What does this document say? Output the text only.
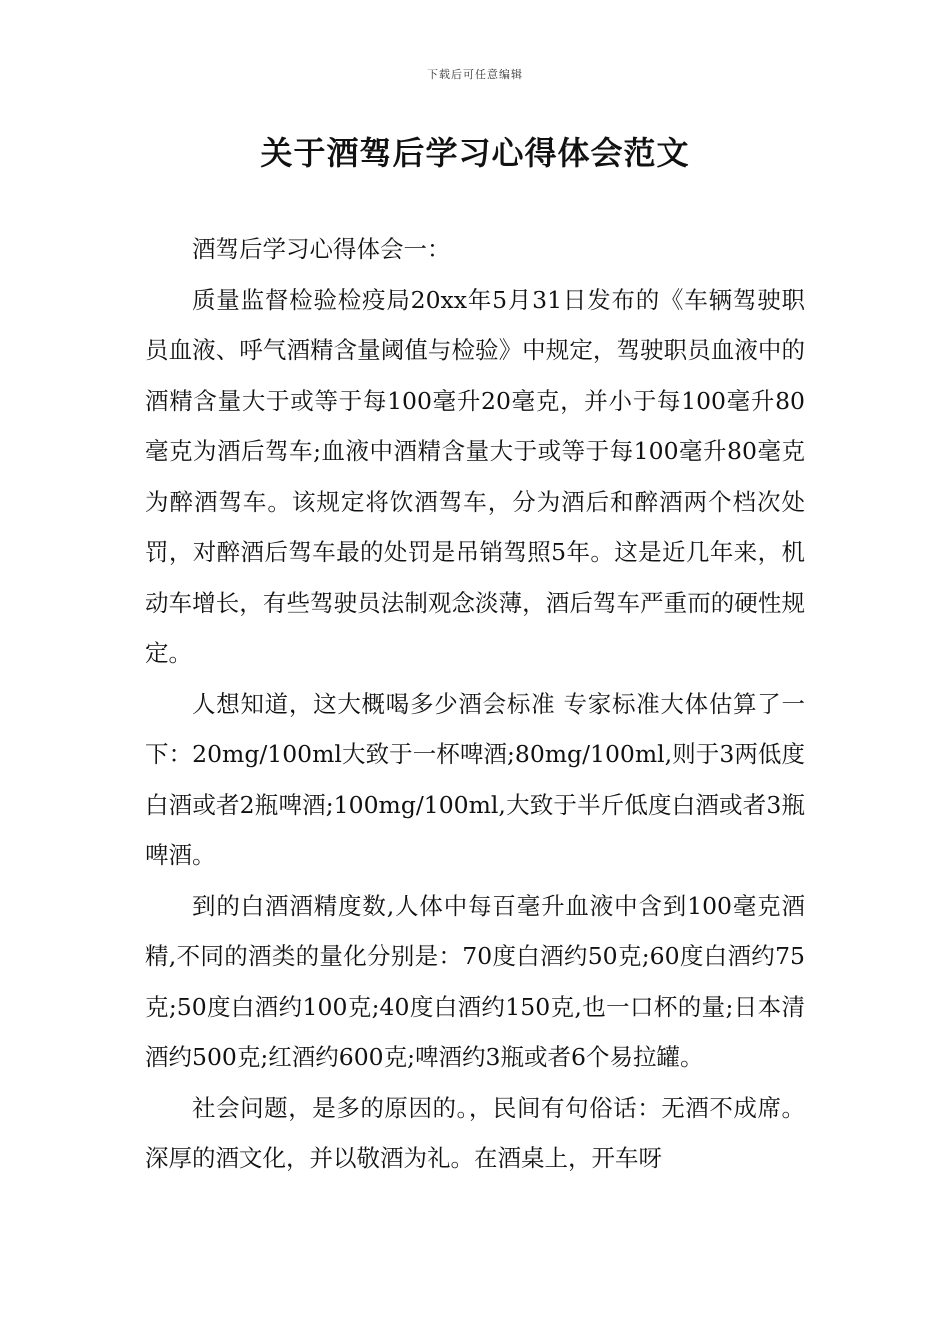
下载后可任意编辑
关于酒驾后学习心得体会范文

酒驾后学习心得体会一：

质量监督检验检疫局20xx年5月31日发布的《车辆驾驶职员血液、呼气酒精含量阈值与检验》中规定，驾驶职员血液中的酒精含量大于或等于每100毫升20毫克，并小于每100毫升80毫克为酒后驾车;血液中酒精含量大于或等于每100毫升80毫克为醉酒驾车。该规定将饮酒驾车，分为酒后和醉酒两个档次处罚，对醉酒后驾车最的处罚是吊销驾照5年。这是近几年来，机动车增长，有些驾驶员法制观念淡薄，酒后驾车严重而的硬性规定。

人想知道，这大概喝多少酒会标准 专家标准大体估算了一下：20mg/100ml大致于一杯啤酒;80mg/100ml,则于3两低度白酒或者2瓶啤酒;100mg/100ml,大致于半斤低度白酒或者3瓶啤酒。

到的白酒酒精度数,人体中每百毫升血液中含到100毫克酒精,不同的酒类的量化分别是：70度白酒约50克;60度白酒约75克;50度白酒约100克;40度白酒约150克,也一口杯的量;日本清酒约500克;红酒约600克;啤酒约3瓶或者6个易拉罐。

社会问题，是多的原因的。，民间有句俗话：无酒不成席。深厚的酒文化，并以敬酒为礼。在酒桌上，开车呀
